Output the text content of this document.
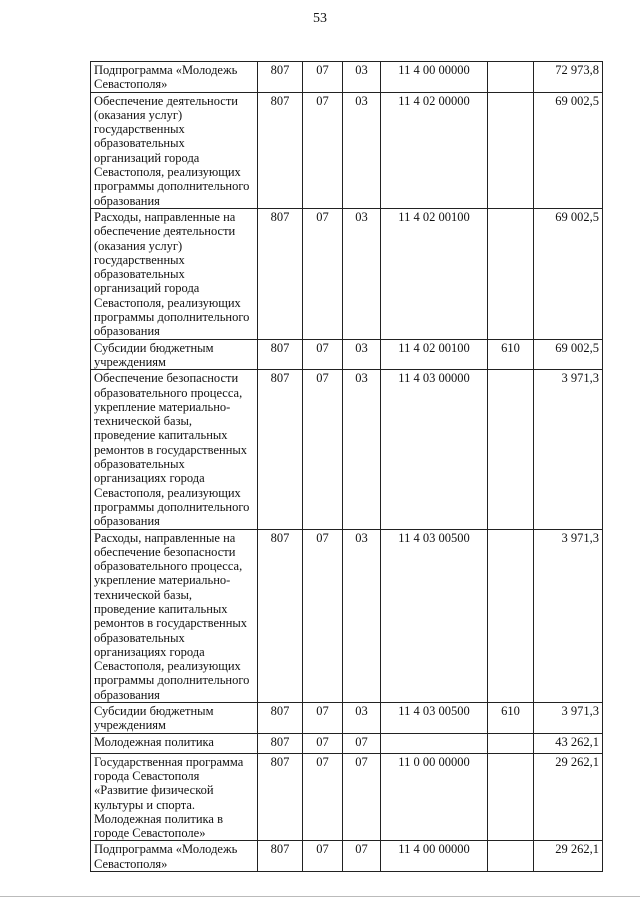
53
Подпрограмма «Молодежь Севастополя»	807	07	03	11 4 00 00000		72 973,8
Обеспечение деятельности (оказания услуг) государственных образовательных организаций города Севастополя, реализующих программы дополнительного образования	807	07	03	11 4 02 00000		69 002,5
Расходы, направленные на обеспечение деятельности (оказания услуг) государственных образовательных организаций города Севастополя, реализующих программы дополнительного образования	807	07	03	11 4 02 00100		69 002,5
Субсидии бюджетным учреждениям	807	07	03	11 4 02 00100	610	69 002,5
Обеспечение безопасности образовательного процесса, укрепление материально-технической базы, проведение капитальных ремонтов в государственных образовательных организациях города Севастополя, реализующих программы дополнительного образования	807	07	03	11 4 03 00000		3 971,3
Расходы, направленные на обеспечение безопасности образовательного процесса, укрепление материально-технической базы, проведение капитальных ремонтов в государственных образовательных организациях города Севастополя, реализующих программы дополнительного образования	807	07	03	11 4 03 00500		3 971,3
Субсидии бюджетным учреждениям	807	07	03	11 4 03 00500	610	3 971,3
Молодежная политика	807	07	07			43 262,1
Государственная программа города Севастополя «Развитие физической культуры и спорта. Молодежная политика в городе Севастополе»	807	07	07	11 0 00 00000		29 262,1
Подпрограмма «Молодежь Севастополя»	807	07	07	11 4 00 00000		29 262,1
